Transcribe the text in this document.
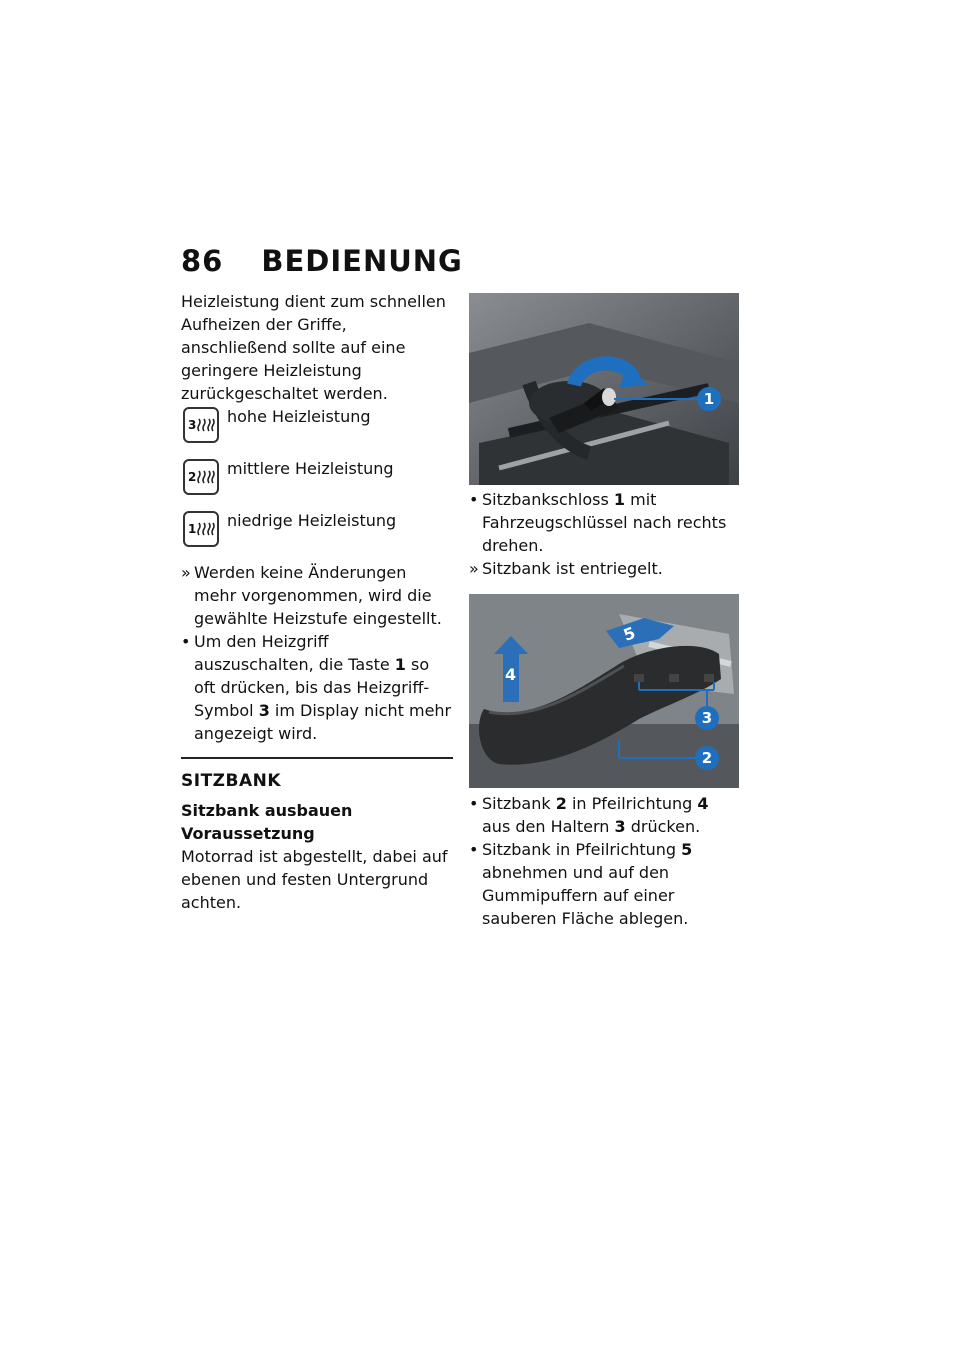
86 BEDIENUNG

Heizleistung dient zum schnellen Aufheizen der Griffe, anschließend sollte auf eine geringere Heizleistung zurückgeschaltet werden.

3 hohe Heizleistung
2 mittlere Heizleistung
1 niedrige Heizleistung
» Werden keine Änderungen mehr vorgenommen, wird die gewählte Heizstufe eingestellt.
• Um den Heizgriff auszuschalten, die Taste 1 so oft drücken, bis das Heizgriff-Symbol 3 im Display nicht mehr angezeigt wird.

SITZBANK

Sitzbank ausbauen

Voraussetzung

Motorrad ist abgestellt, dabei auf ebenen und festen Untergrund achten.

1
5
4
3
2
• Sitzbankschloss 1 mit Fahrzeugschlüssel nach rechts drehen.
» Sitzbank ist entriegelt.
• Sitzbank 2 in Pfeilrichtung 4 aus den Haltern 3 drücken.
• Sitzbank in Pfeilrichtung 5 abnehmen und auf den Gummipuffern auf einer sauberen Fläche ablegen.
